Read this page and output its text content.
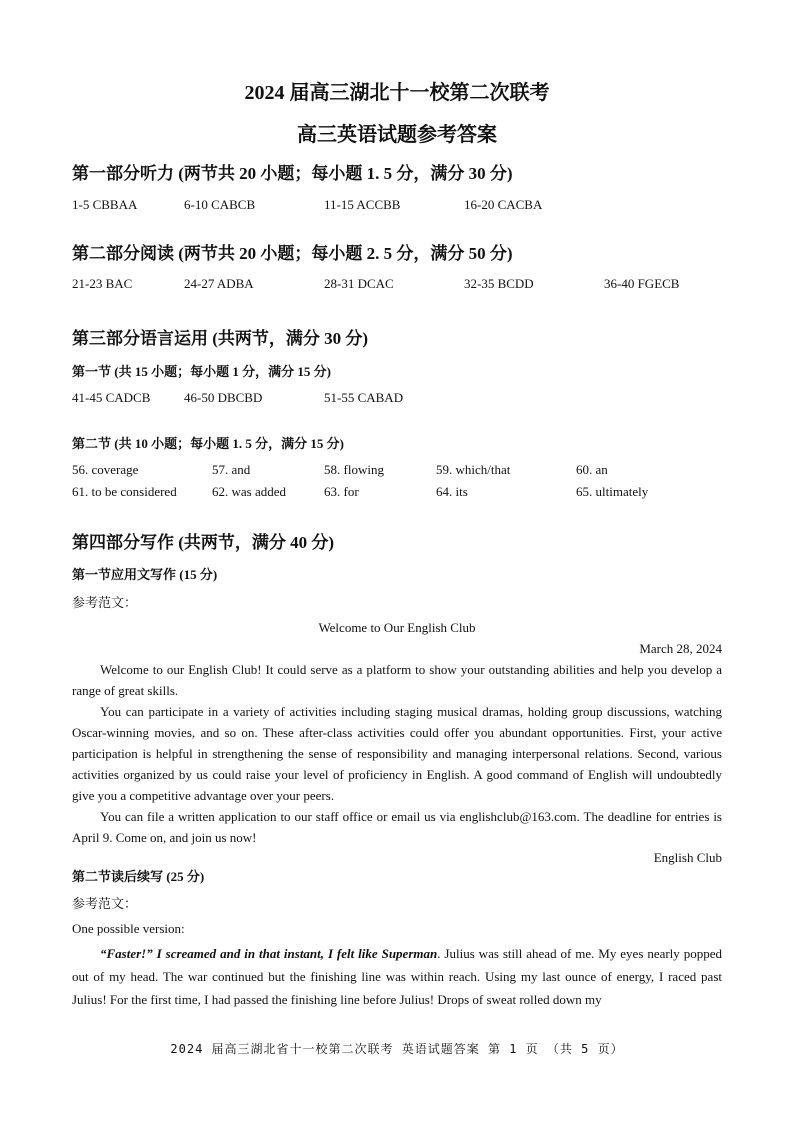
2024 届高三湖北十一校第二次联考
高三英语试题参考答案
第一部分听力 (两节共 20 小题；每小题 1. 5 分，满分 30 分)
1-5 CBBAA	6-10 CABCB	11-15 ACCBB	16-20 CACBA
第二部分阅读 (两节共 20 小题；每小题 2. 5 分，满分 50 分)
21-23 BAC	24-27 ADBA	28-31 DCAC	32-35 BCDD	36-40 FGECB
第三部分语言运用 (共两节，满分 30 分)
第一节 (共 15 小题；每小题 1 分，满分 15 分)
41-45 CADCB	46-50 DBCBD	51-55 CABAD
第二节 (共 10 小题；每小题 1. 5 分，满分 15 分)
56. coverage	57. and	58. flowing	59. which/that	60. an
61. to be considered	62. was added	63. for	64. its	65. ultimately
第四部分写作 (共两节，满分 40 分)
第一节应用文写作 (15 分)
参考范文：
Welcome to Our English Club
March 28, 2024

Welcome to our English Club! It could serve as a platform to show your outstanding abilities and help you develop a range of great skills.

You can participate in a variety of activities including staging musical dramas, holding group discussions, watching Oscar-winning movies, and so on. These after-class activities could offer you abundant opportunities. First, your active participation is helpful in strengthening the sense of responsibility and managing interpersonal relations. Second, various activities organized by us could raise your level of proficiency in English. A good command of English will undoubtedly give you a competitive advantage over your peers.

You can file a written application to our staff office or email us via englishclub@163.com. The deadline for entries is April 9. Come on, and join us now!

English Club
第二节读后续写 (25 分)
参考范文：
One possible version:

“Faster!” I screamed and in that instant, I felt like Superman. Julius was still ahead of me. My eyes nearly popped out of my head. The war continued but the finishing line was within reach. Using my last ounce of energy, I raced past Julius! For the first time, I had passed the finishing line before Julius! Drops of sweat rolled down my

2024 届高三湖北省十一校第二次联考 英语试题答案 第 1 页 （共 5 页）
